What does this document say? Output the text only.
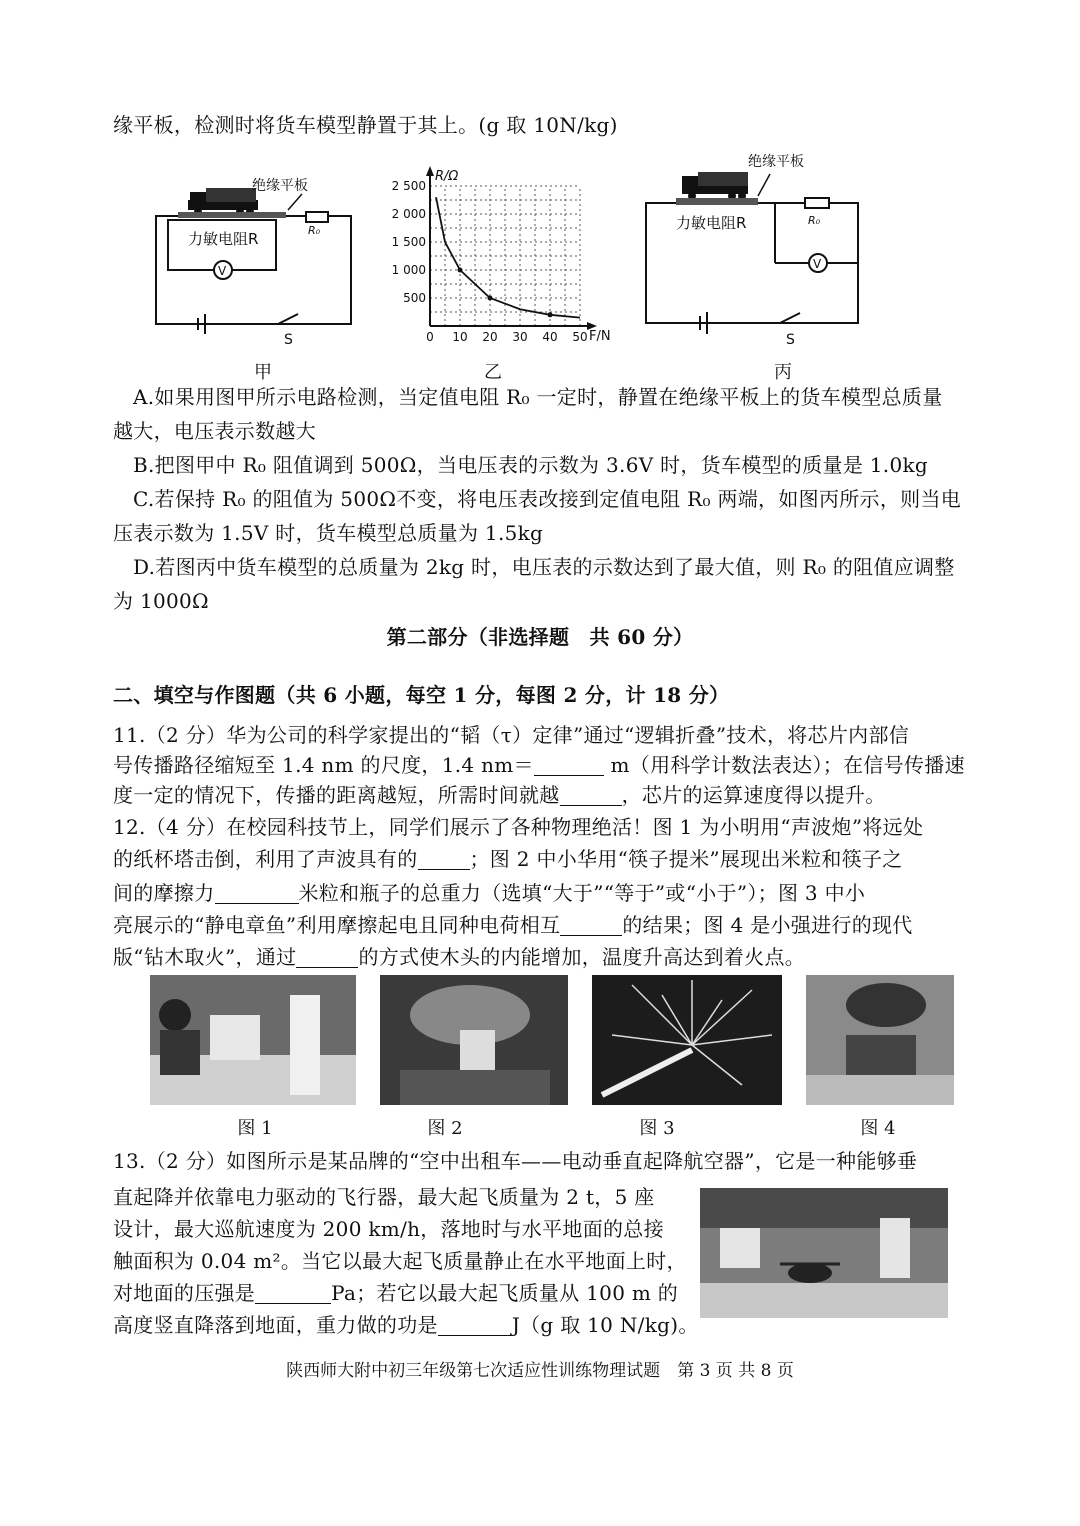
缘平板，检测时将货车模型静置于其上。(g 取 10N/kg)
绝缘平板
力敏电阻R	R₀
V
S
甲
2 500
2 000
1 500
1 000
500
0 10 20 30 40 50
R/Ω
F/N
乙
绝缘平板
力敏电阻R	R₀
V
S
丙
A.如果用图甲所示电路检测，当定值电阻 R₀ 一定时，静置在绝缘平板上的货车模型总质量
越大，电压表示数越大
B.把图甲中 R₀ 阻值调到 500Ω，当电压表的示数为 3.6V 时，货车模型的质量是 1.0kg
C.若保持 R₀ 的阻值为 500Ω不变，将电压表改接到定值电阻 R₀ 两端，如图丙所示，则当电
压表示数为 1.5V 时，货车模型总质量为 1.5kg
D.若图丙中货车模型的总质量为 2kg 时，电压表的示数达到了最大值，则 R₀ 的阻值应调整
为 1000Ω
第二部分（非选择题　共 60 分）
二、填空与作图题（共 6 小题，每空 1 分，每图 2 分，计 18 分）
11.（2 分）华为公司的科学家提出的“韬（τ）定律”通过“逻辑折叠”技术，将芯片内部信
号传播路径缩短至 1.4 nm 的尺度，1.4 nm＝	m（用科学计数法表达）；在信号传播速
度一定的情况下，传播的距离越短，所需时间就越	，芯片的运算速度得以提升。
12.（4 分）在校园科技节上，同学们展示了各种物理绝活！图 1 为小明用“声波炮”将远处
的纸杯塔击倒，利用了声波具有的	；图 2 中小华用“筷子提米”展现出米粒和筷子之
间的摩擦力	米粒和瓶子的总重力（选填“大于”“等于”或“小于”）；图 3 中小
亮展示的“静电章鱼”利用摩擦起电且同种电荷相互	的结果；图 4 是小强进行的现代
版“钻木取火”，通过	的方式使木头的内能增加，温度升高达到着火点。
图 1	图 2	图 3	图 4
13.（2 分）如图所示是某品牌的“空中出租车——电动垂直起降航空器”，它是一种能够垂
直起降并依靠电力驱动的飞行器，最大起飞质量为 2 t，5 座
设计，最大巡航速度为 200 km/h，落地时与水平地面的总接
触面积为 0.04 m²。当它以最大起飞质量静止在水平地面上时，
对地面的压强是	Pa；若它以最大起飞质量从 100 m 的
高度竖直降落到地面，重力做的功是	J（g 取 10 N/kg)。
陕西师大附中初三年级第七次适应性训练物理试题　第 3 页 共 8 页
